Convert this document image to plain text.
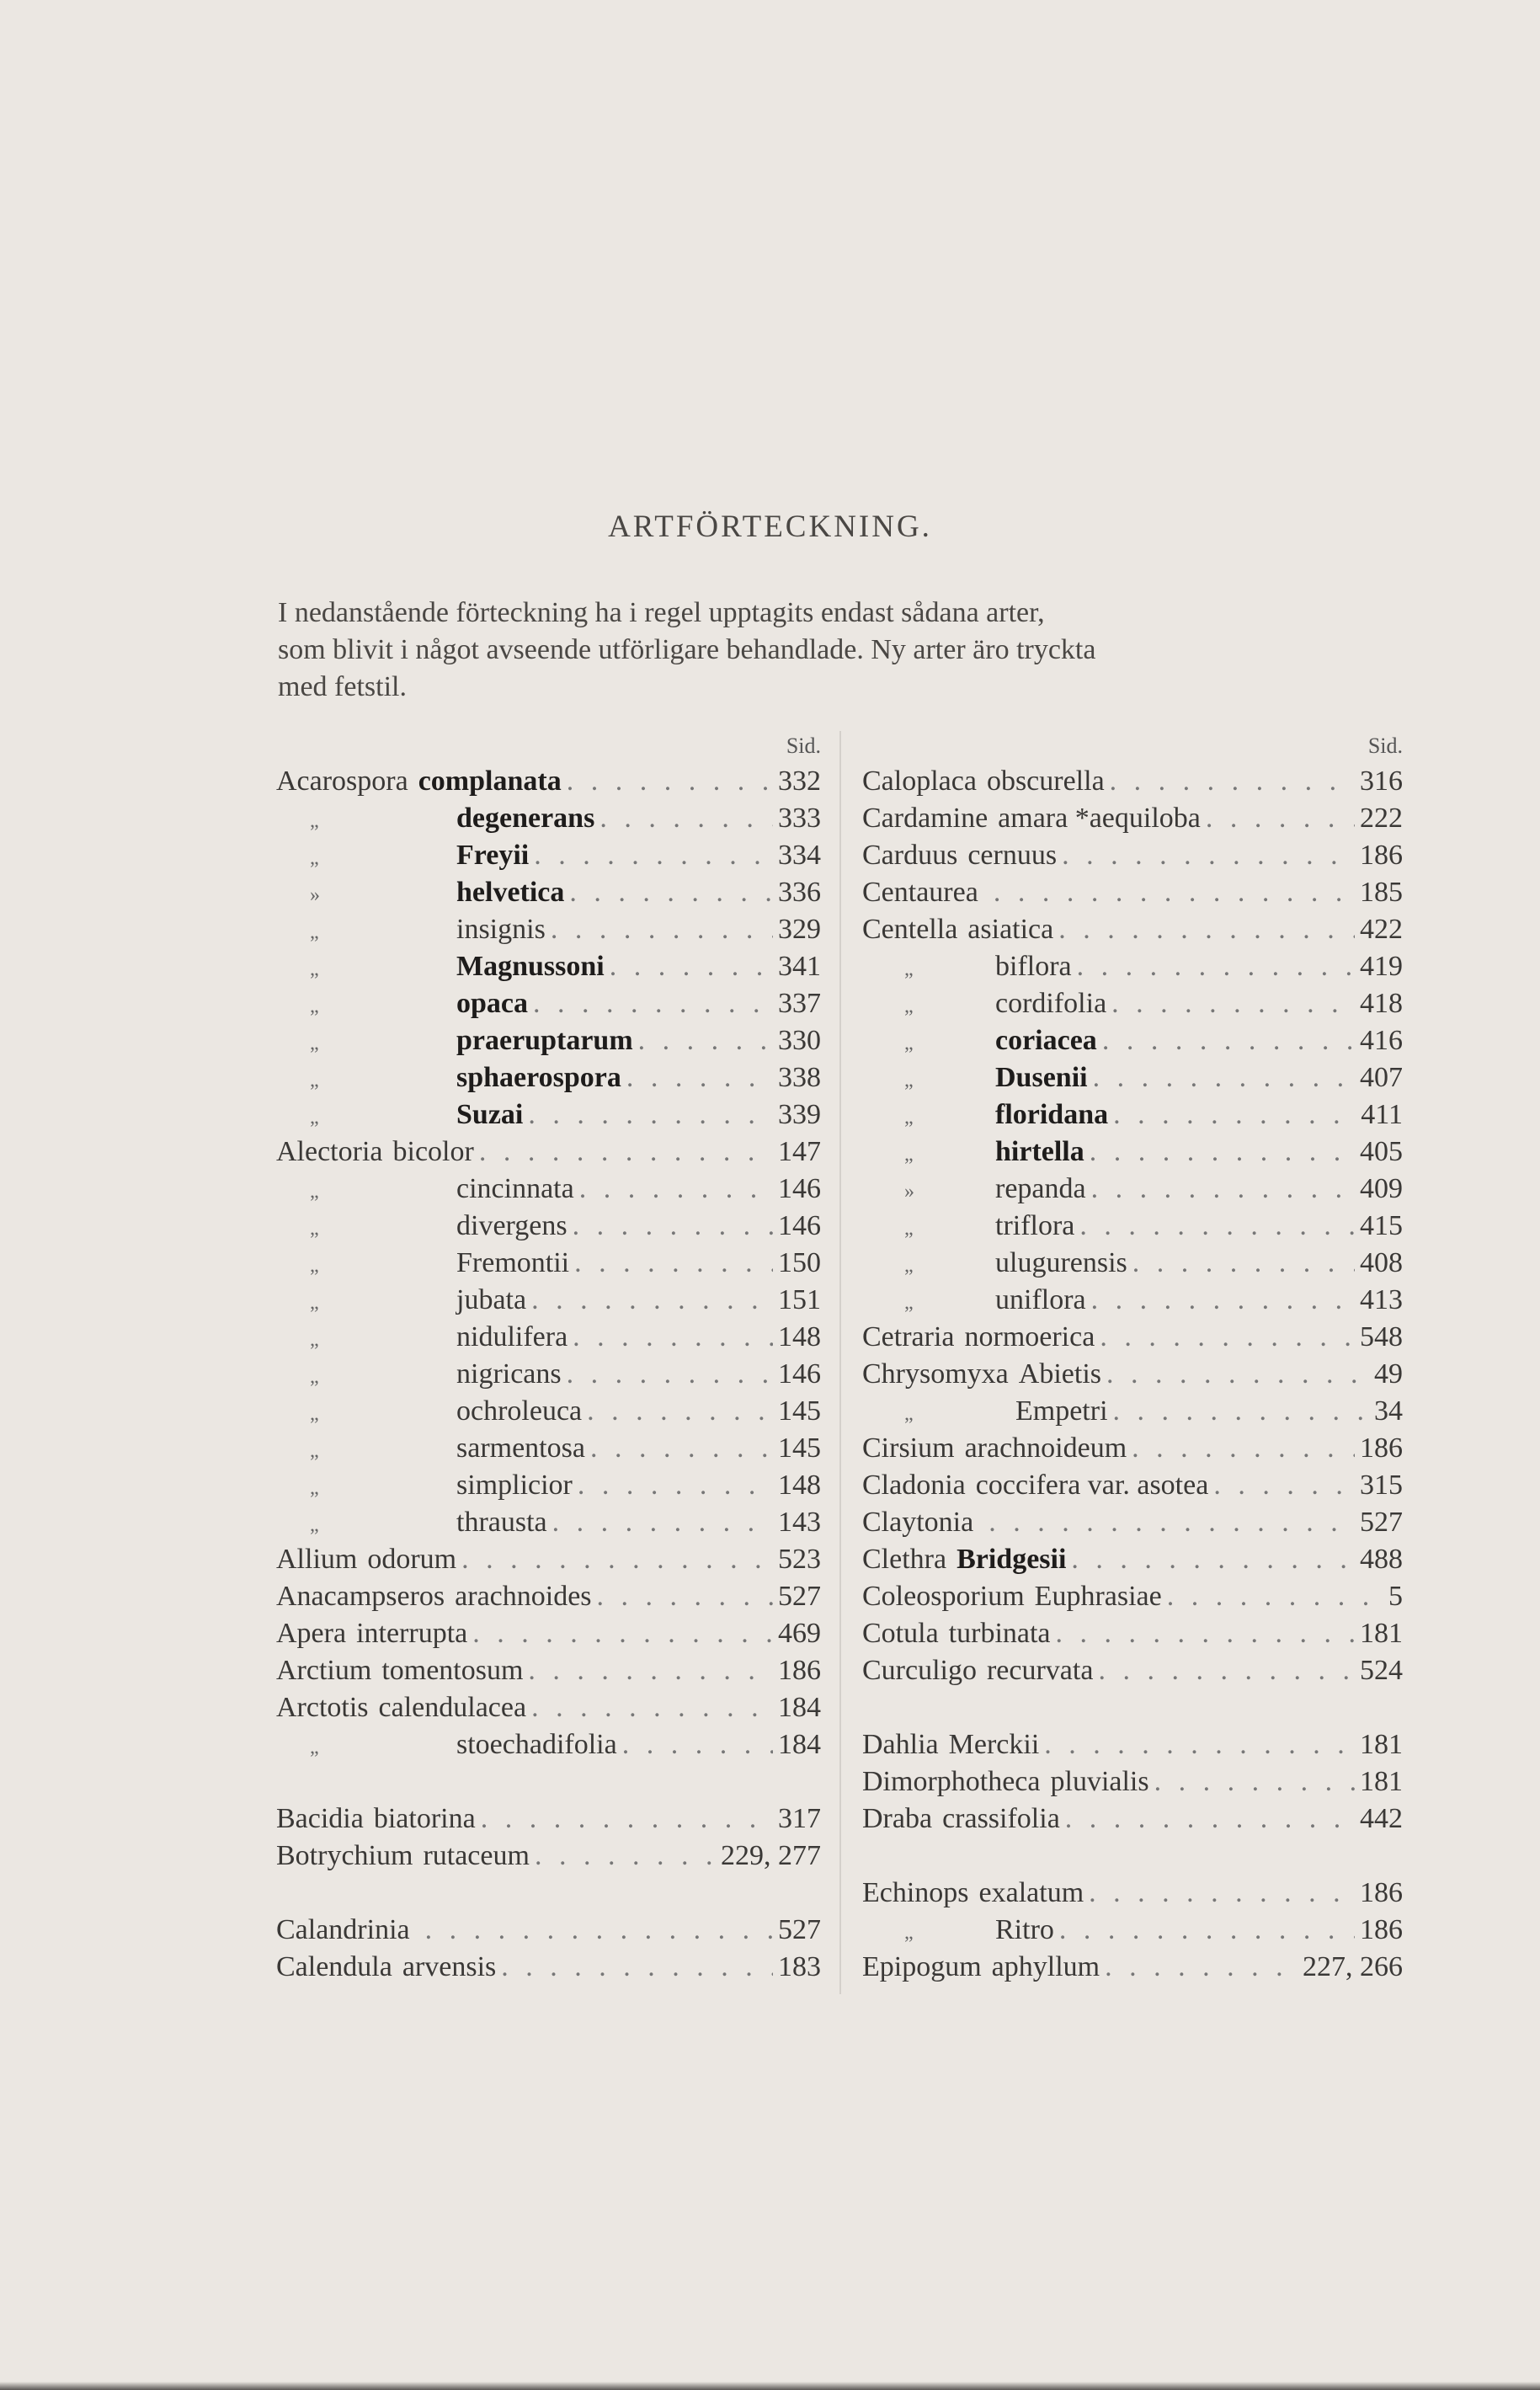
ARTFÖRTECKNING.

I nedanstående förteckning ha i regel upptagits endast sådana arter,

som blivit i något avseende utförligare behandlade. Ny arter äro tryckta

med fetstil.

Sid.
Acarospora complanata . . .	332
„	degenerans . . .	333
„	Freyii . . .	334
»	helvetica . . .	336
„	insignis . . .	329
„	Magnussoni . . .	341
„	opaca . . .	337
„	praeruptarum . . .	330
„	sphaerospora . . .	338
„	Suzai . . .	339
Alectoria bicolor . . .	147
„	cincinnata . . .	146
„	divergens . . .	146
„	Fremontii . . .	150
„	jubata . . .	151
„	nidulifera . . .	148
„	nigricans . . .	146
„	ochroleuca . . .	145
„	sarmentosa . . .	145
„	simplicior . . .	148
„	thrausta . . .	143
Allium odorum . . .	523
Anacampseros arachnoides . . .	527
Apera interrupta . . .	469
Arctium tomentosum . . .	186
Arctotis calendulacea . . .	184
„	stoechadifolia . . .	184
Bacidia biatorina . . .	317
Botrychium rutaceum . . .	229, 277
Calandrinia . . .	527
Calendula arvensis . . .	183
Sid.
Caloplaca obscurella . . .	316
Cardamine amara *aequiloba . . .	222
Carduus cernuus . . .	186
Centaurea . . .	185
Centella asiatica . . .	422
„	biflora . . .	419
„	cordifolia . . .	418
„	coriacea . . .	416
„	Dusenii . . .	407
„	floridana . . .	411
„	hirtella . . .	405
»	repanda . . .	409
„	triflora . . .	415
„	ulugurensis . . .	408
„	uniflora . . .	413
Cetraria normoerica . . .	548
Chrysomyxa Abietis . . .	49
„	Empetri . . .	34
Cirsium arachnoideum . . .	186
Cladonia coccifera var. asotea . . .	315
Claytonia . . .	527
Clethra Bridgesii . . .	488
Coleosporium Euphrasiae . . .	5
Cotula turbinata . . .	181
Curculigo recurvata . . .	524
Dahlia Merckii . . .	181
Dimorphotheca pluvialis . . .	181
Draba crassifolia . . .	442
Echinops exalatum . . .	186
„	Ritro . . .	186
Epipogum aphyllum . . .	227, 266
